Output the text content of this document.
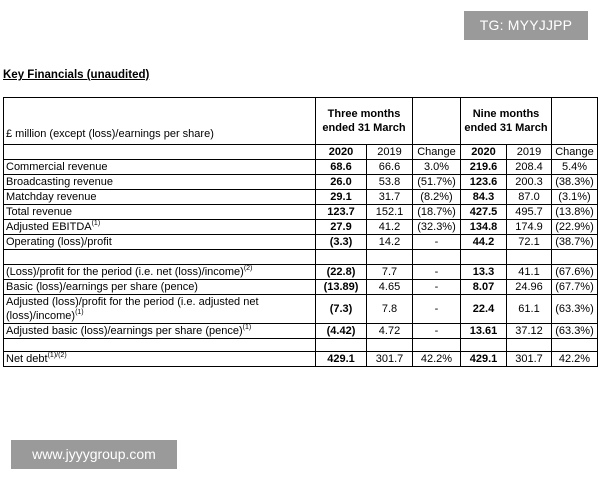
TG: MYYJJPP
Key Financials (unaudited)
£ million (except (loss)/earnings per share)	Three months ended 31 March			Nine months ended 31 March		
	2020	2019	Change	2020	2019	Change
Commercial revenue	68.6	66.6	3.0%	219.6	208.4	5.4%
Broadcasting revenue	26.0	53.8	(51.7%)	123.6	200.3	(38.3%)
Matchday revenue	29.1	31.7	(8.2%)	84.3	87.0	(3.1%)
Total revenue	123.7	152.1	(18.7%)	427.5	495.7	(13.8%)
Adjusted EBITDA$^{(1)}$	27.9	41.2	(32.3%)	134.8	174.9	(22.9%)
Operating (loss)/profit	(3.3)	14.2	-	44.2	72.1	(38.7%)

(Loss)/profit for the period (i.e. net (loss)/income)$^{(2)}$	(22.8)	7.7	-	13.3	41.1	(67.6%)
Basic (loss)/earnings per share (pence)	(13.89)	4.65	-	8.07	24.96	(67.7%)
Adjusted (loss)/profit for the period (i.e. adjusted net (loss)/income)$^{(1)}$	(7.3)	7.8	-	22.4	61.1	(63.3%)
Adjusted basic (loss)/earnings per share (pence)$^{(1)}$	(4.42)	4.72	-	13.61	37.12	(63.3%)

Net debt$^{(1)/(2)}$	429.1	301.7	42.2%	429.1	301.7	42.2%
www.jyyygroup.com
